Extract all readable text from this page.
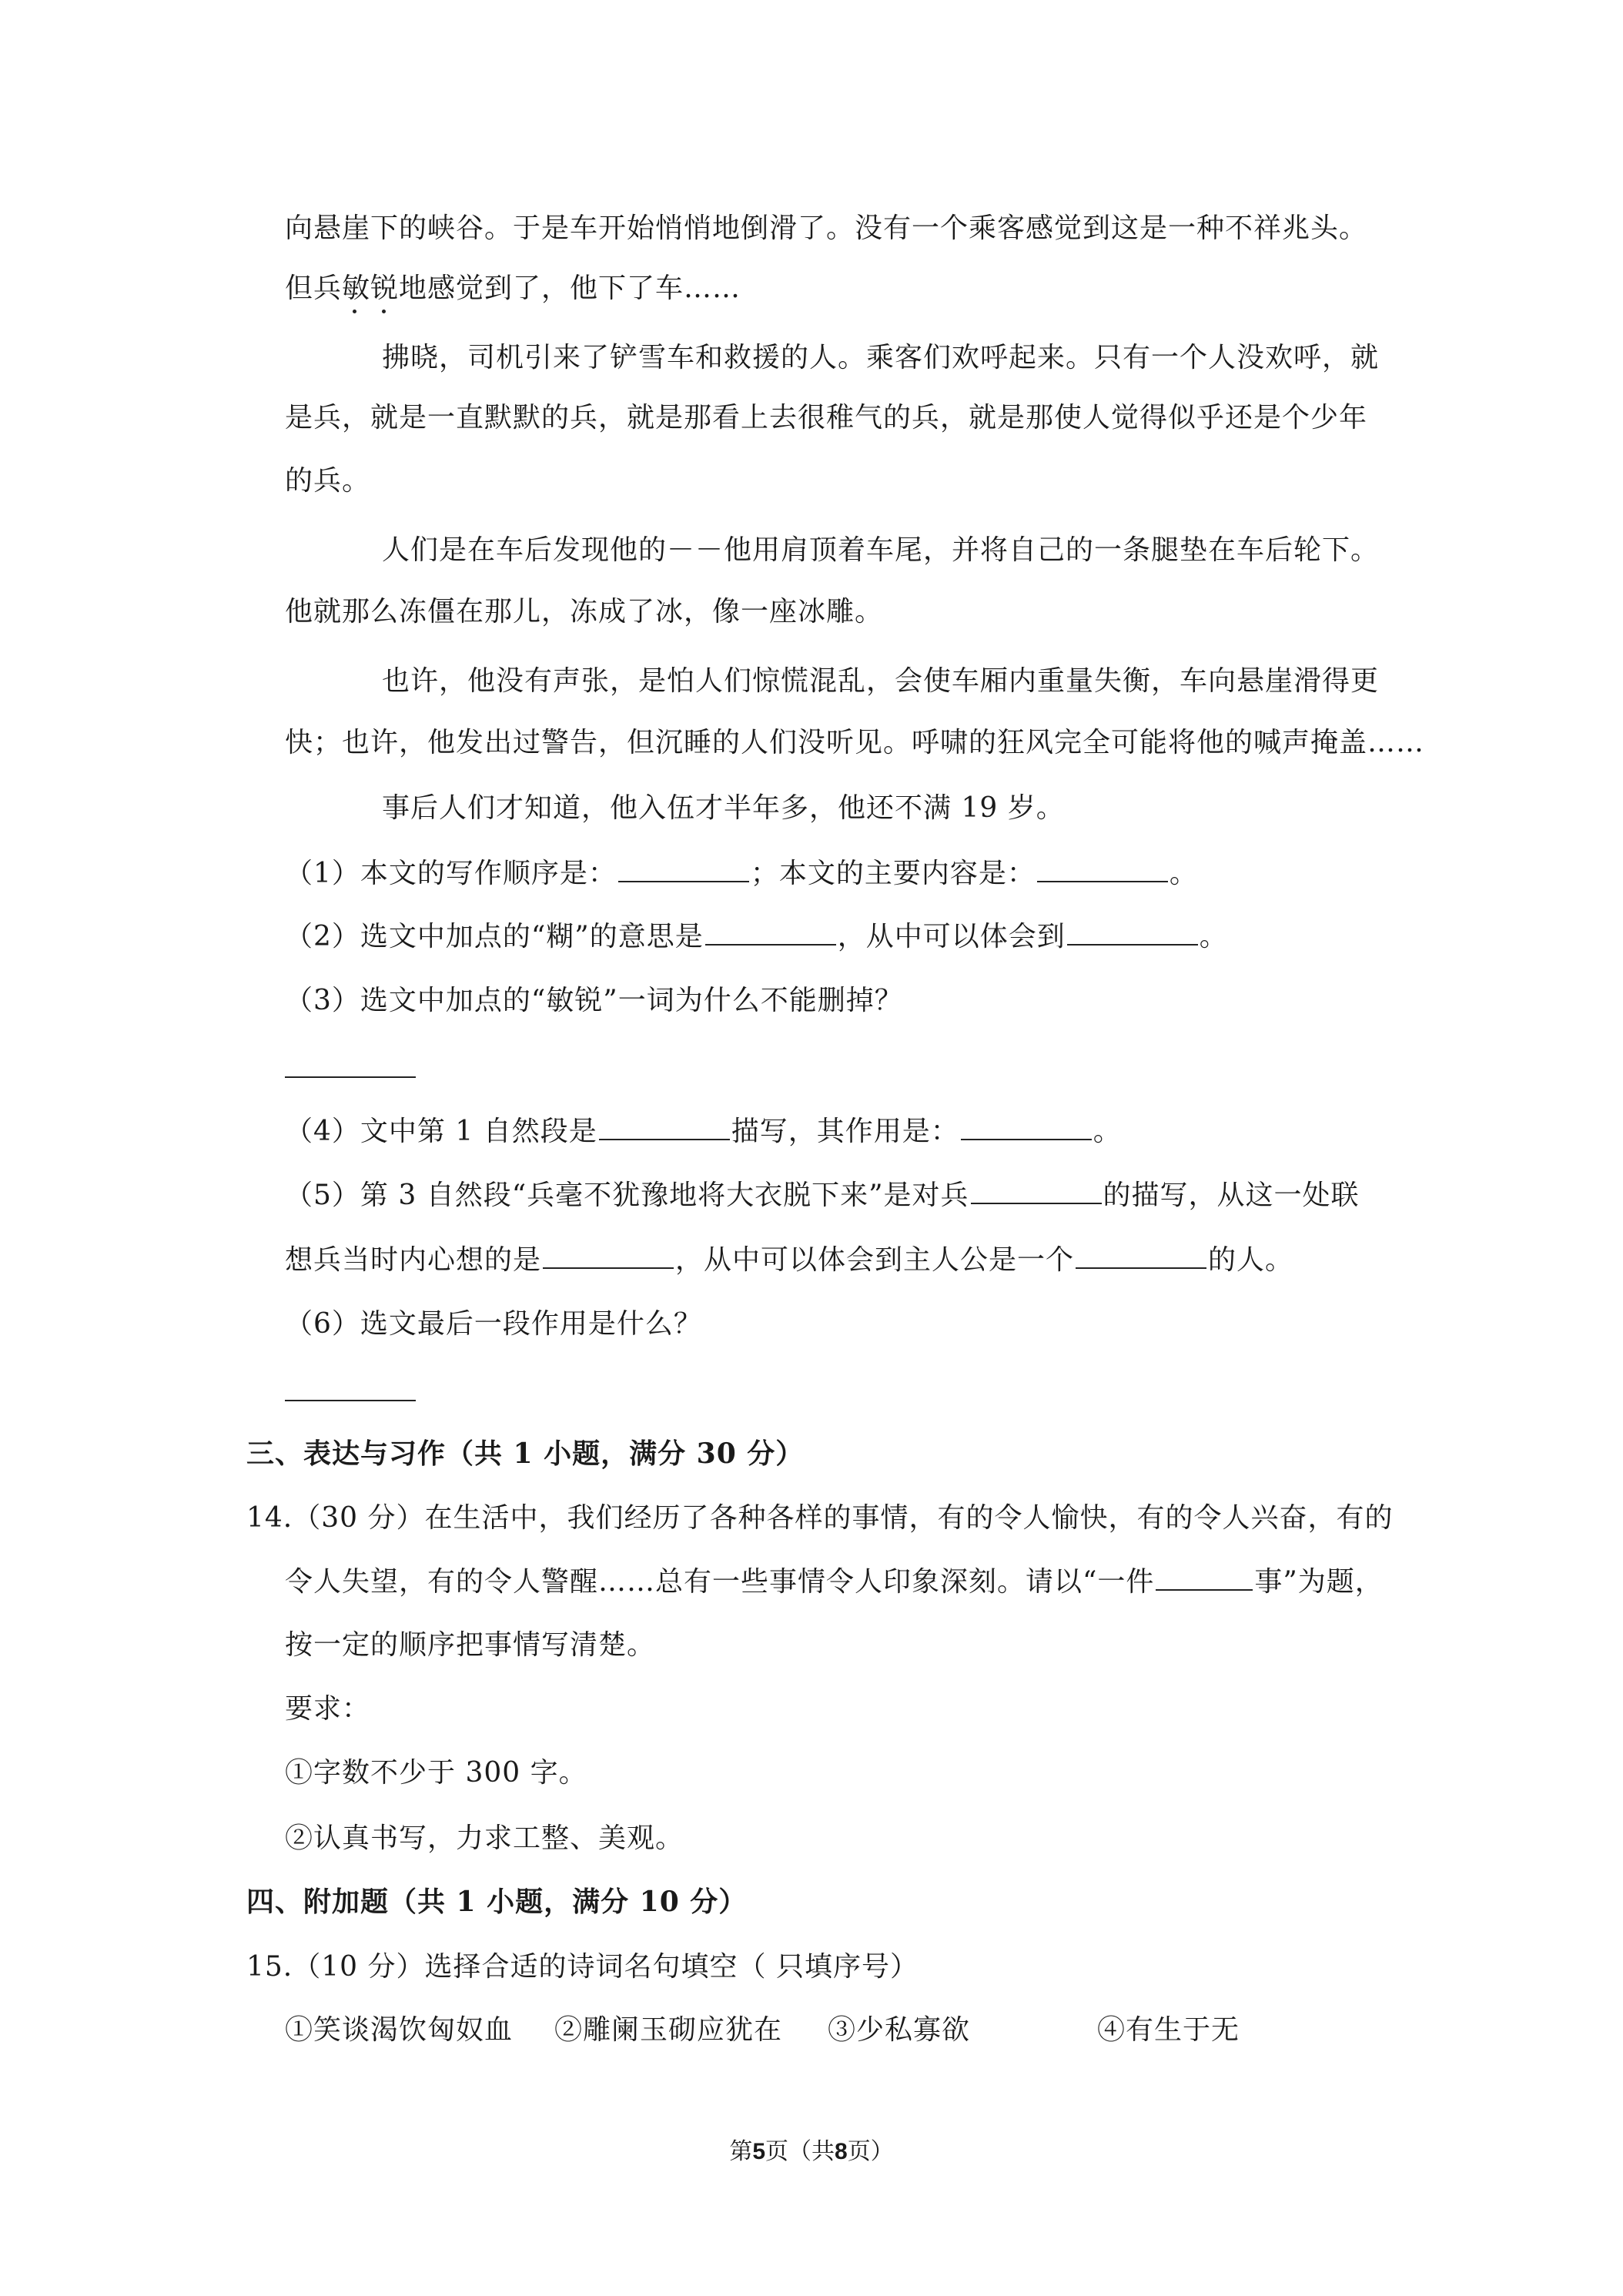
向悬崖下的峡谷。于是车开始悄悄地倒滑了。没有一个乘客感觉到这是一种不祥兆头。
但兵敏锐地感觉到了，他下了车……
拂晓，司机引来了铲雪车和救援的人。乘客们欢呼起来。只有一个人没欢呼，就
是兵，就是一直默默的兵，就是那看上去很稚气的兵，就是那使人觉得似乎还是个少年
的兵。
人们是在车后发现他的－－他用肩顶着车尾，并将自己的一条腿垫在车后轮下。
他就那么冻僵在那儿，冻成了冰，像一座冰雕。
也许，他没有声张，是怕人们惊慌混乱，会使车厢内重量失衡，车向悬崖滑得更
快；也许，他发出过警告，但沉睡的人们没听见。呼啸的狂风完全可能将他的喊声掩盖……
事后人们才知道，他入伍才半年多，他还不满 19 岁。
（1）本文的写作顺序是：	；本文的主要内容是：	。
（2）选文中加点的“糊”的意思是	，从中可以体会到	。
（3）选文中加点的“敏锐”一词为什么不能删掉？
（4）文中第 1 自然段是	描写，其作用是：	。
（5）第 3 自然段“兵毫不犹豫地将大衣脱下来”是对兵	的描写，从这一处联
想兵当时内心想的是	，从中可以体会到主人公是一个	的人。
（6）选文最后一段作用是什么？
三、表达与习作（共 1 小题，满分 30 分）
14.（30 分）在生活中，我们经历了各种各样的事情，有的令人愉快，有的令人兴奋，有的
令人失望，有的令人警醒……总有一些事情令人印象深刻。请以“一件	事”为题，
按一定的顺序把事情写清楚。
要求：
①字数不少于 300 字。
②认真书写，力求工整、美观。
四、附加题（共 1 小题，满分 10 分）
15.（10 分）选择合适的诗词名句填空（ 只填序号）
①笑谈渴饮匈奴血 ②雕阑玉砌应犹在 ③少私寡欲	④有生于无
第5页（共8页）
